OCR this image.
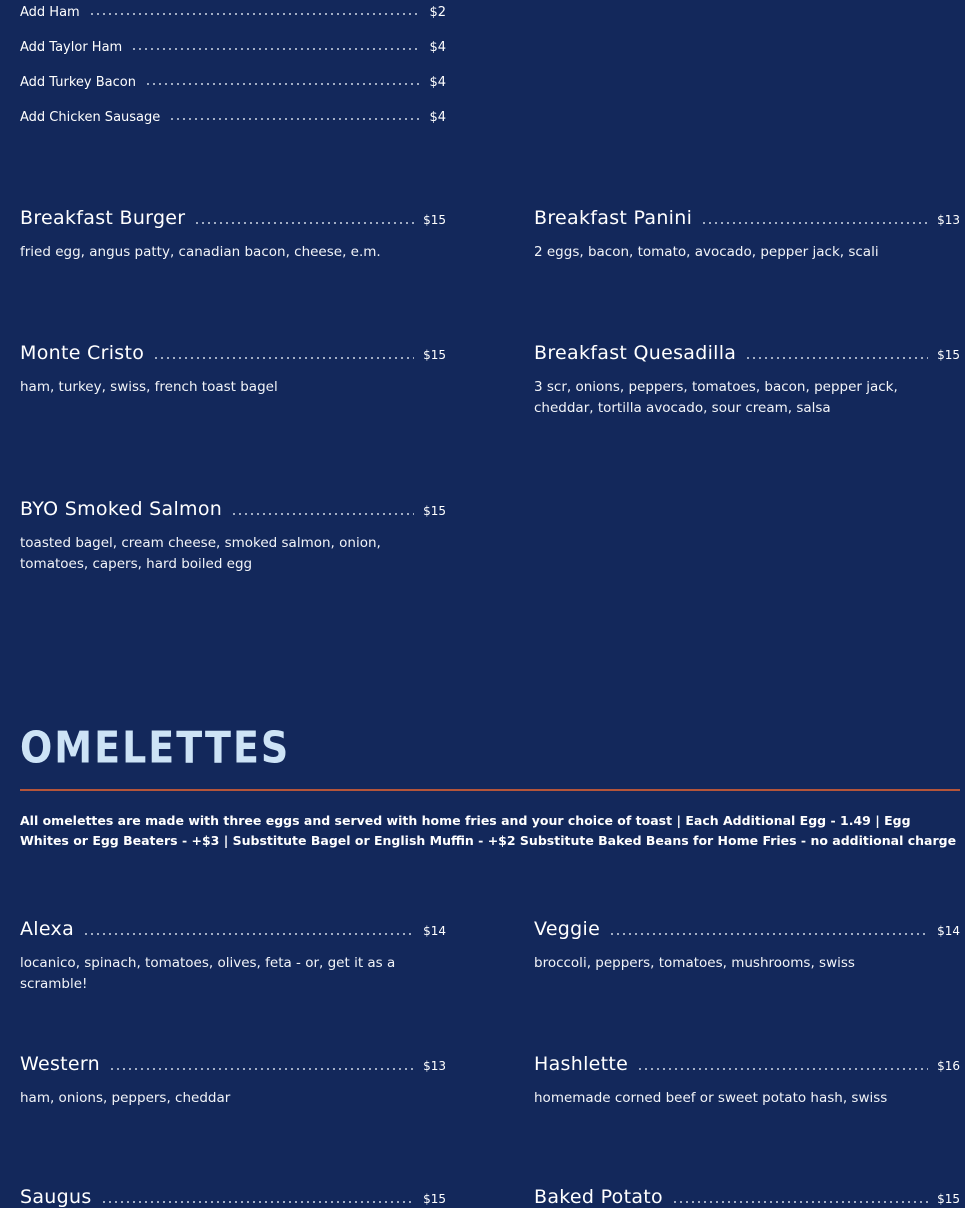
Add Ham	$2
Add Taylor Ham	$4
Add Turkey Bacon	$4
Add Chicken Sausage	$4
Breakfast Burger	$15
fried egg, angus patty, canadian bacon, cheese, e.m.
Breakfast Panini	$13
2 eggs, bacon, tomato, avocado, pepper jack, scali
Monte Cristo	$15
ham, turkey, swiss, french toast bagel
Breakfast Quesadilla	$15
3 scr, onions, peppers, tomatoes, bacon, pepper jack, cheddar, tortilla avocado, sour cream, salsa
BYO Smoked Salmon	$15
toasted bagel, cream cheese, smoked salmon, onion, tomatoes, capers, hard boiled egg
OMELETTES
All omelettes are made with three eggs and served with home fries and your choice of toast | Each Additional Egg - 1.49 | Egg Whites or Egg Beaters - +$3 | Substitute Bagel or English Muffin - +$2 Substitute Baked Beans for Home Fries - no additional charge
Alexa	$14
locanico, spinach, tomatoes, olives, feta - or, get it as a scramble!
Veggie	$14
broccoli, peppers, tomatoes, mushrooms, swiss
Western	$13
ham, onions, peppers, cheddar
Hashlette	$16
homemade corned beef or sweet potato hash, swiss
Saugus	$15	Baked Potato	$15
